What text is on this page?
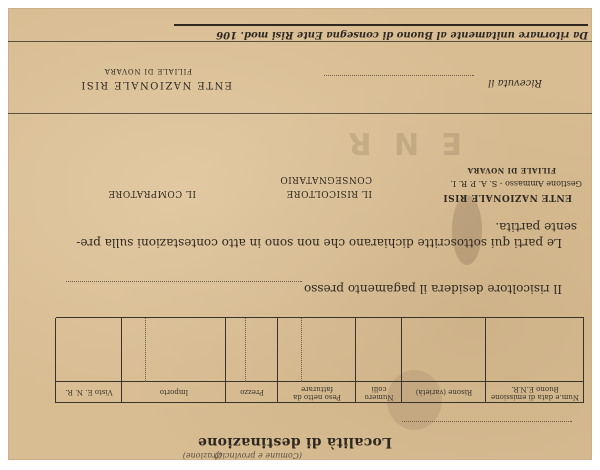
E N R
Località di destinazione
(Comune e provincia)
(frazione)
Num.e data di emissione Buono E.N.R.
Risone (varietà)
Numero colli
Peso netto da fatturare
Prezzo
Importo
Visto E. N. R.
Il risicoltore desidera il pagamento presso
Le parti qui sottoscritte dichiarano che non sono in atto contestazioni sulla pre-
sente partita.
ENTE NAZIONALE RISI
Gestione Ammasso - S. A. P. R. I.
FILIALE DI NOVARA
IL RISICOLTORE
CONSEGNATARIO
IL COMPRATORE
Ricevuta il
ENTE NAZIONALE RISI
FILIALE DI NOVARA
Da ritornare unitamente al Buono di consegna Ente Risi mod. 106
